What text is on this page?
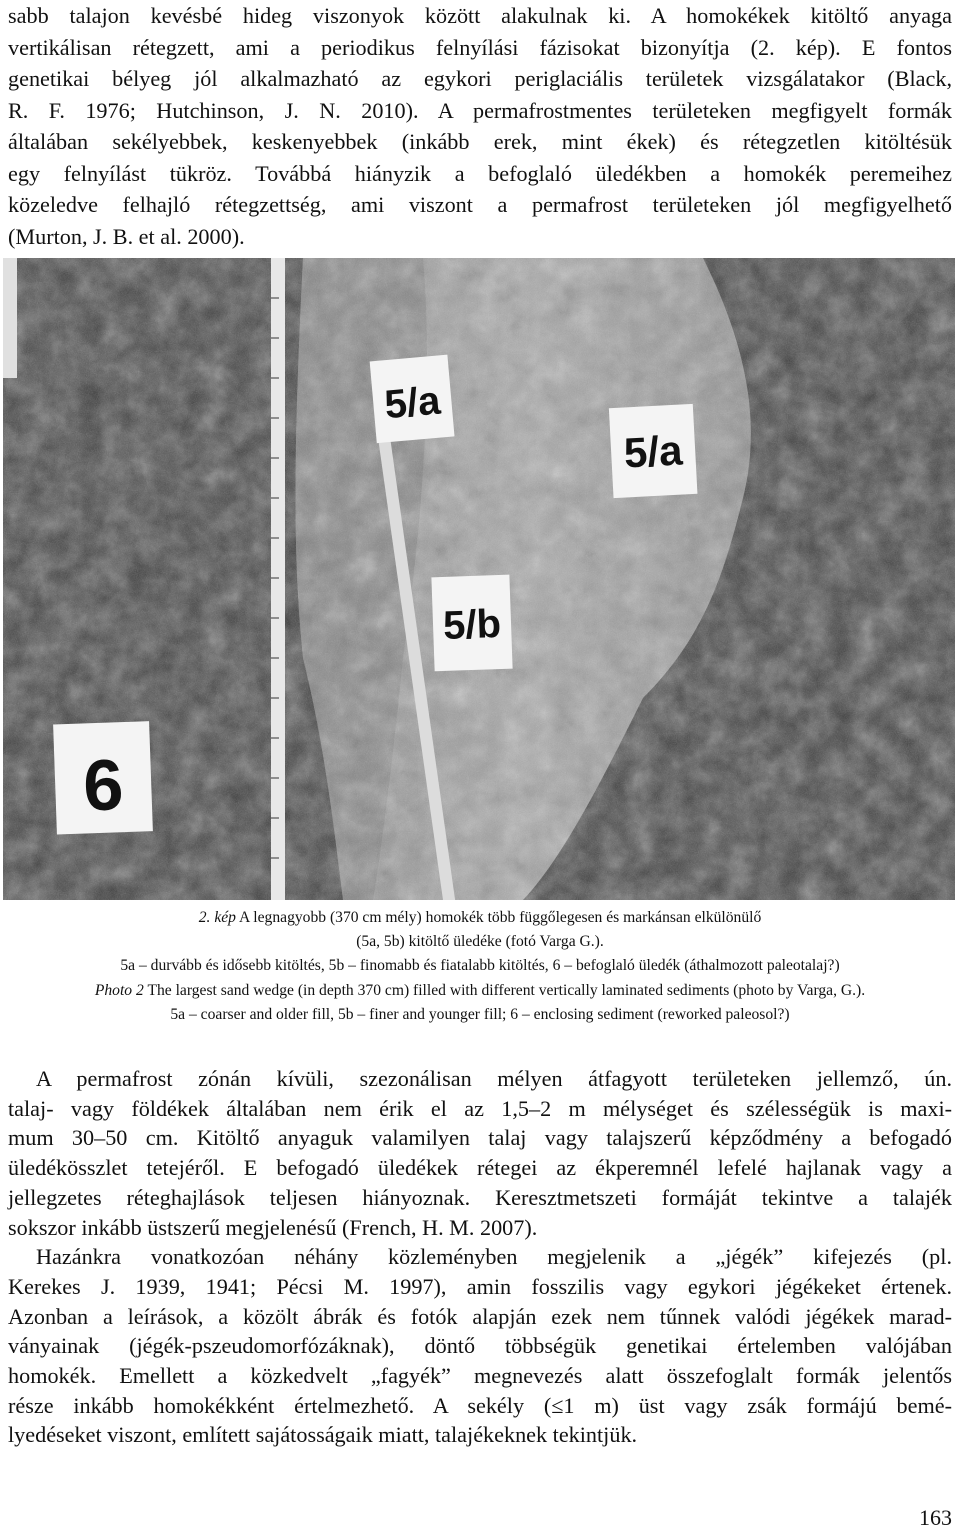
sabb talajon kevésbé hideg viszonyok között alakulnak ki. A homokékek kitöltő anyaga
vertikálisan rétegzett, ami a periodikus felnyílási fázisokat bizonyítja (2. kép). E fontos
genetikai bélyeg jól alkalmazható az egykori periglaciális területek vizsgálatakor (Black,
R. F. 1976; Hutchinson, J. N. 2010). A permafrostmentes területeken megfigyelt formák
általában sekélyebbek, keskenyebbek (inkább erek, mint ékek) és rétegzetlen kitöltésük
egy felnyílást tükröz. Továbbá hiányzik a befoglaló üledékben a homokék peremeihez
közeledve felhajló rétegzettség, ami viszont a permafrost területeken jól megfigyelhető
(Murton, J. B. et al. 2000).

5/a
5/a
5/b
6
2. kép A legnagyobb (370 cm mély) homokék több függőlegesen és markánsan elkülönülő
(5a, 5b) kitöltő üledéke (fotó Varga G.).
5a – durvább és idősebb kitöltés, 5b – finomabb és fiatalabb kitöltés, 6 – befoglaló üledék (áthalmozott paleotalaj?)
Photo 2 The largest sand wedge (in depth 370 cm) filled with different vertically laminated sediments (photo by Varga, G.).
5a – coarser and older fill, 5b – finer and younger fill; 6 – enclosing sediment (reworked paleosol?)

A permafrost zónán kívüli, szezonálisan mélyen átfagyott területeken jellemző, ún.
talaj- vagy földékek általában nem érik el az 1,5–2 m mélységet és szélességük is maxi-
mum 30–50 cm. Kitöltő anyaguk valamilyen talaj vagy talajszerű képződmény a befogadó
üledékösszlet tetejéről. E befogadó üledékek rétegei az ékperemnél lefelé hajlanak vagy a
jellegzetes réteghajlások teljesen hiányoznak. Keresztmetszeti formáját tekintve a talajék
sokszor inkább üstszerű megjelenésű (French, H. M. 2007).

Hazánkra vonatkozóan néhány közleményben megjelenik a „jégék” kifejezés (pl.
Kerekes J. 1939, 1941; Pécsi M. 1997), amin fosszilis vagy egykori jégékeket értenek.
Azonban a leírások, a közölt ábrák és fotók alapján ezek nem tűnnek valódi jégékek marad-
ványainak (jégék-pszeudomorfózáknak), döntő többségük genetikai értelemben valójában
homokék. Emellett a közkedvelt „fagyék” megnevezés alatt összefoglalt formák jelentős
része inkább homokékként értelmezhető. A sekély (≤1 m) üst vagy zsák formájú bemé-
lyedéseket viszont, említett sajátosságaik miatt, talajékeknek tekintjük.

163
